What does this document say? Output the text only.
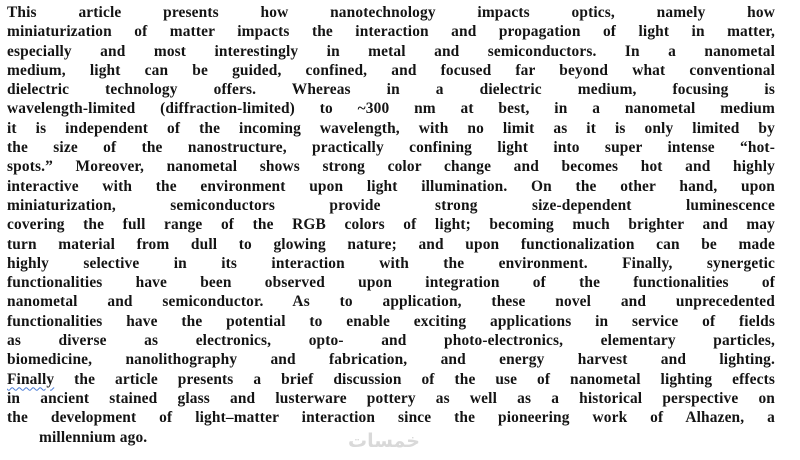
This article presents how nanotechnology impacts optics, namely how
miniaturization of matter impacts the interaction and propagation of light in matter,
especially and most interestingly in metal and semiconductors. In a nanometal
medium, light can be guided, confined, and focused far beyond what conventional
dielectric technology offers. Whereas in a dielectric medium, focusing is
wavelength-limited (diffraction-limited) to ~300 nm at best, in a nanometal medium
it is independent of the incoming wavelength, with no limit as it is only limited by
the size of the nanostructure, practically confining light into super intense “hot-
spots.” Moreover, nanometal shows strong color change and becomes hot and highly
interactive with the environment upon light illumination. On the other hand, upon
miniaturization, semiconductors provide strong size-dependent luminescence
covering the full range of the RGB colors of light; becoming much brighter and may
turn material from dull to glowing nature; and upon functionalization can be made
highly selective in its interaction with the environment. Finally, synergetic
functionalities have been observed upon integration of the functionalities of
nanometal and semiconductor. As to application, these novel and unprecedented
functionalities have the potential to enable exciting applications in service of fields
as diverse as electronics, opto- and photo-electronics, elementary particles,
biomedicine, nanolithography and fabrication, and energy harvest and lighting.
Finally the article presents a brief discussion of the use of nanometal lighting effects
in ancient stained glass and lusterware pottery as well as a historical perspective on
the development of light–matter interaction since the pioneering work of Alhazen, a
millennium ago.	خمسات
